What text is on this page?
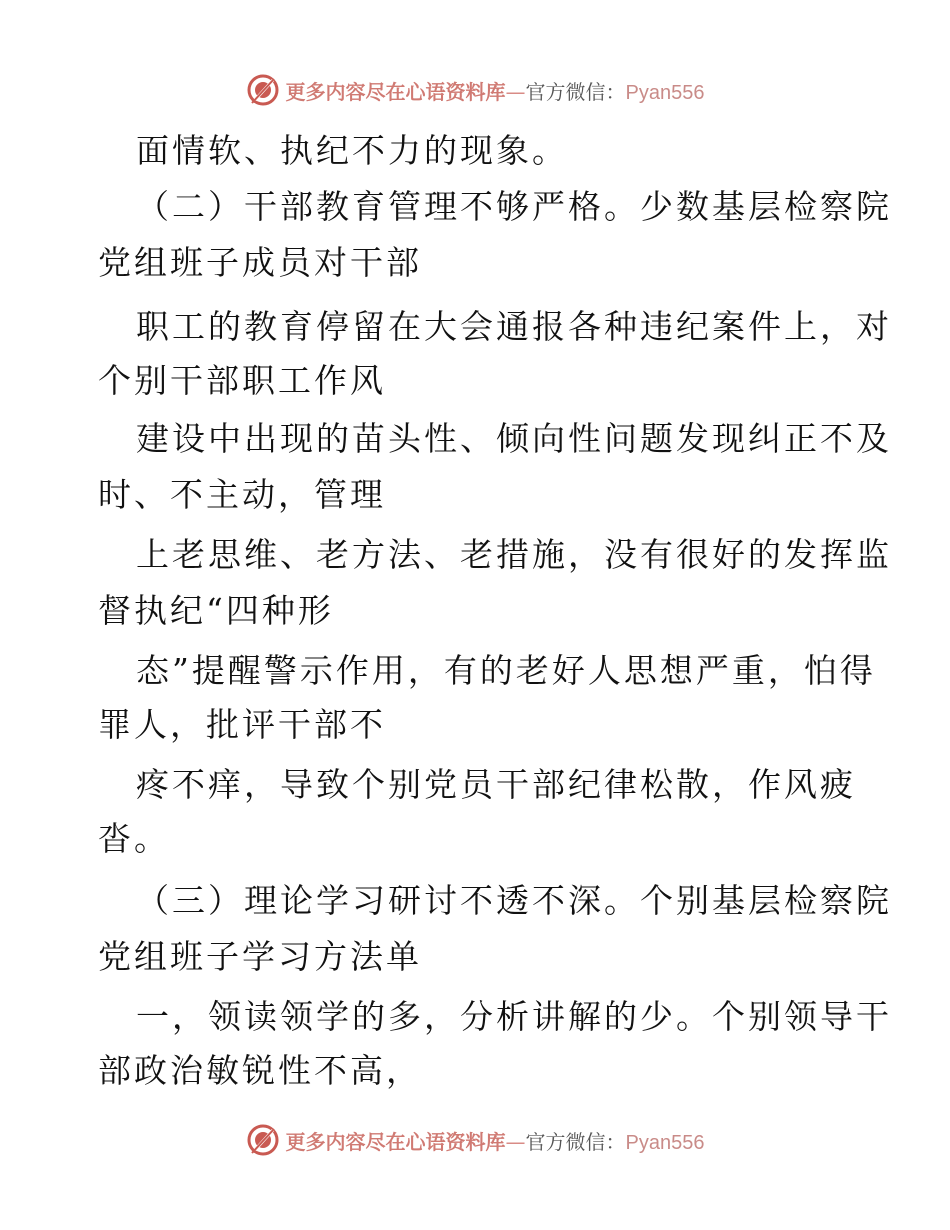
更多内容尽在心语资料库—官方微信：Pyan556
面情软、执纪不力的现象。
（二）干部教育管理不够严格。少数基层检察院
党组班子成员对干部
职工的教育停留在大会通报各种违纪案件上，对
个别干部职工作风
建设中出现的苗头性、倾向性问题发现纠正不及
时、不主动，管理
上老思维、老方法、老措施，没有很好的发挥监
督执纪“四种形
态”提醒警示作用，有的老好人思想严重，怕得
罪人，批评干部不
疼不痒，导致个别党员干部纪律松散，作风疲
沓。
（三）理论学习研讨不透不深。个别基层检察院
党组班子学习方法单
一，领读领学的多，分析讲解的少。个别领导干
部政治敏锐性不高，
更多内容尽在心语资料库—官方微信：Pyan556
